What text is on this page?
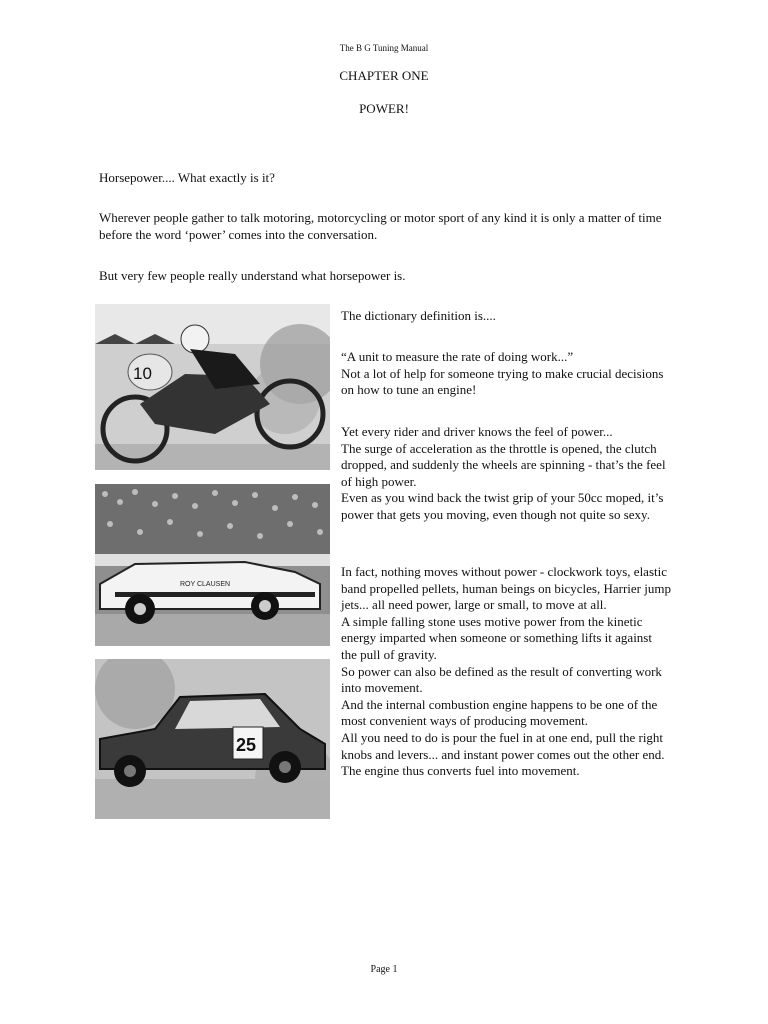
The B G Tuning Manual
CHAPTER ONE
POWER!
Horsepower.... What exactly is it?
Wherever people gather to talk motoring, motorcycling or motor sport of any kind it is only a matter of time before the word ‘power’ comes into the conversation.
But very few people really understand what horsepower is.
10
ROY CLAUSEN
25
The dictionary definition is....

“A unit to measure the rate of doing work...”

Not a lot of help for someone trying to make crucial decisions on how to tune an engine!

Yet every rider and driver knows the feel of power...

The surge of acceleration as the throttle is opened, the clutch dropped, and suddenly the wheels are spinning - that’s the feel of high power.

Even as you wind back the twist grip of your 50cc moped, it’s power that gets you moving, even though not quite so sexy.

In fact, nothing moves without power - clockwork toys, elastic band propelled pellets, human beings on bicycles, Harrier jump jets... all need power, large or small, to move at all.

A simple falling stone uses motive power from the kinetic energy imparted when someone or something lifts it against the pull of gravity.

So power can also be defined as the result of converting work into movement.

And the internal combustion engine happens to be one of the most convenient ways of producing movement.

All you need to do is pour the fuel in at one end, pull the right knobs and levers... and instant power comes out the other end.

The engine thus converts fuel into movement.

Page 1
